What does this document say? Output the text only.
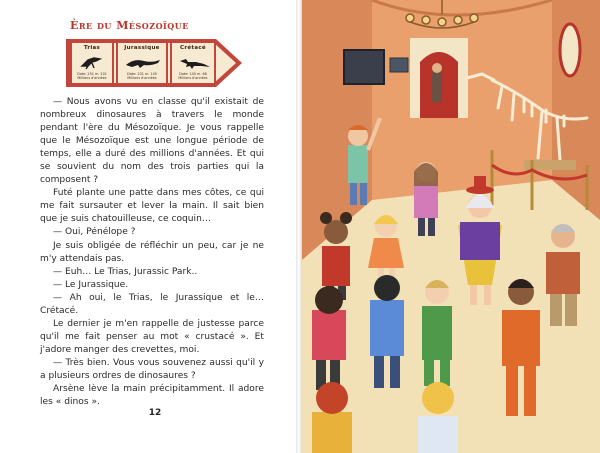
Ère du Mésozoïque
Trias
Date: 251 m. 201
Millions d'années
Jurassique
Date: 201 m. 145
Millions d'années
Crétacé
Date: 145 m. 66
Millions d'années

— Nous avons vu en classe qu'il existait de nombreux dinosaures à travers le monde pendant l'ère du Mésozoïque. Je vous rappelle que le Mésozoïque est une longue période de temps, elle a duré des millions d'années. Et qui se souvient du nom des trois parties qui la composent ?

Futé plante une patte dans mes côtes, ce qui me fait sursauter et lever la main. Il sait bien que je suis chatouilleuse, ce coquin…

— Oui, Pénélope ?

Je suis obligée de réfléchir un peu, car je ne m'y attendais pas.

— Euh… Le Trias, Jurassic Park..

— Le Jurassique.

— Ah oui, le Trias, le Jurassique et le… Crétacé.

Le dernier je m'en rappelle de justesse parce qu'il me fait penser au mot « crustacé ». Et j'adore manger des crevettes, moi.

— Très bien. Vous vous souvenez aussi qu'il y a plusieurs ordres de dinosaures ?

Arsène lève la main précipitamment. Il adore les « dinos ».

12
